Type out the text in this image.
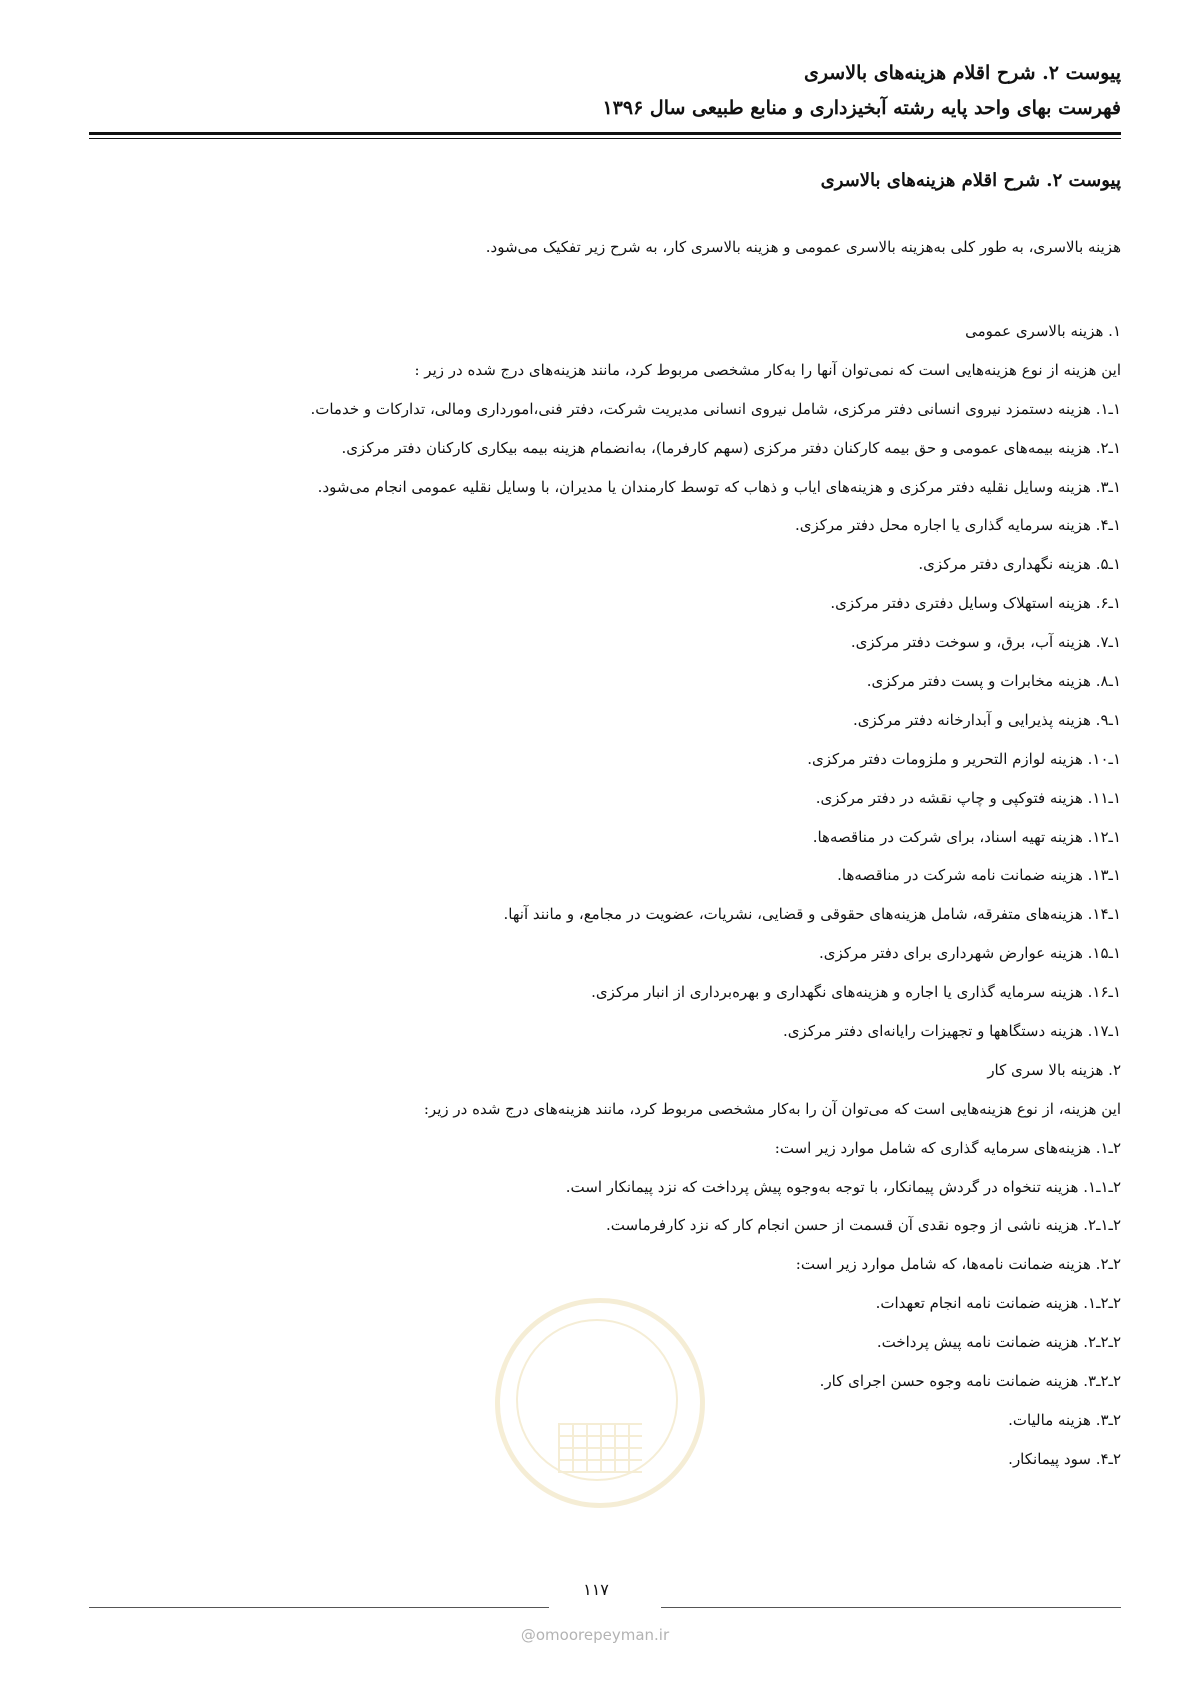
پیوست ۲. شرح اقلام هزینه‌های بالاسری
فهرست بهای واحد پایه رشته آبخیزداری و منابع طبیعی سال ۱۳۹۶
پیوست ۲. شرح اقلام هزینه‌های بالاسری
هزینه بالاسری، به طور کلی به‌هزینه بالاسری عمومی و هزینه بالاسری کار، به شرح زیر تفکیک می‌شود.
۱. هزینه بالاسری عمومی
این هزینه از نوع هزینه‌هایی است که نمی‌توان آنها را به‌کار مشخصی مربوط کرد، مانند هزینه‌های درج شده در زیر :
۱ـ۱. هزینه دستمزد نیروی انسانی دفتر مرکزی، شامل نیروی انسانی مدیریت شرکت، دفتر فنی،امورداری ومالی، تدارکات و خدمات.
۱ـ۲. هزینه بیمه‌های عمومی و حق بیمه کارکنان دفتر مرکزی (سهم کارفرما)، به‌انضمام هزینه بیمه بیکاری کارکنان دفتر مرکزی.
۱ـ۳. هزینه وسایل نقلیه دفتر مرکزی و هزینه‌های ایاب و ذهاب که توسط کارمندان یا مدیران، با وسایل نقلیه عمومی انجام می‌شود.
۱ـ۴. هزینه سرمایه گذاری یا اجاره محل دفتر مرکزی.
۱ـ۵. هزینه نگهداری دفتر مرکزی.
۱ـ۶. هزینه استهلاک وسایل دفتری دفتر مرکزی.
۱ـ۷. هزینه آب، برق، و سوخت دفتر مرکزی.
۱ـ۸. هزینه مخابرات و پست دفتر مرکزی.
۱ـ۹. هزینه پذیرایی و آبدارخانه دفتر مرکزی.
۱ـ۱۰. هزینه لوازم التحریر و ملزومات دفتر مرکزی.
۱ـ۱۱. هزینه فتوکپی و چاپ نقشه در دفتر مرکزی.
۱ـ۱۲. هزینه تهیه اسناد، برای شرکت در مناقصه‌ها.
۱ـ۱۳. هزینه ضمانت نامه شرکت در مناقصه‌ها.
۱ـ۱۴. هزینه‌های متفرقه، شامل هزینه‌های حقوقی و قضایی، نشریات، عضویت در مجامع، و مانند آنها.
۱ـ۱۵. هزینه عوارض شهرداری برای دفتر مرکزی.
۱ـ۱۶. هزینه سرمایه گذاری یا اجاره و هزینه‌های نگهداری و بهره‌برداری از انبار مرکزی.
۱ـ۱۷. هزینه دستگاهها و تجهیزات رایانه‌ای دفتر مرکزی.
۲. هزینه بالا سری کار
این هزینه، از نوع هزینه‌هایی است که می‌توان آن را به‌کار مشخصی مربوط کرد، مانند هزینه‌های درج شده در زیر:
۲ـ۱. هزینه‌های سرمایه گذاری که شامل موارد زیر است:
۲ـ۱ـ۱. هزینه تنخواه در گردش پیمانکار، با توجه به‌وجوه پیش پرداخت که نزد پیمانکار است.
۲ـ۱ـ۲. هزینه ناشی از وجوه نقدی آن قسمت از حسن انجام کار که نزد کارفرماست.
۲ـ۲. هزینه ضمانت نامه‌ها، که شامل موارد زیر است:
۲ـ۲ـ۱. هزینه ضمانت نامه انجام تعهدات.
۲ـ۲ـ۲. هزینه ضمانت نامه پیش پرداخت.
۲ـ۲ـ۳. هزینه ضمانت نامه وجوه حسن اجرای کار.
۲ـ۳. هزینه مالیات.
۲ـ۴. سود پیمانکار.
۱۱۷
@omoorepeyman.ir
